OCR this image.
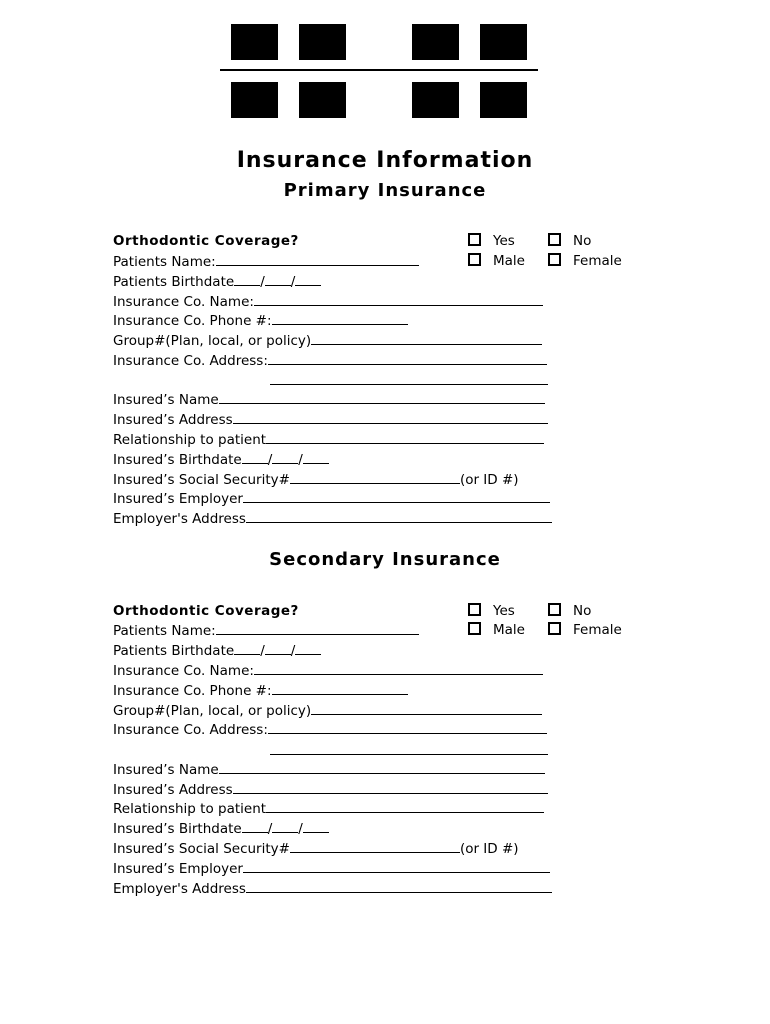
Insurance Information
Primary Insurance
Secondary Insurance
Orthodontic Coverage?	Yes	No
Male	Female
Patients Name:
Patients Birthdate / /
Insurance Co. Name:
Insurance Co. Phone #:
Group#(Plan, local, or policy)
Insurance Co. Address:
Insured’s Name
Insured’s Address
Relationship to patient
Insured’s Birthdate / /
Insured’s Social Security#	(or ID #)
Insured’s Employer
Employer's Address
Orthodontic Coverage?	Yes	No
Male	Female
Patients Name:
Patients Birthdate / /
Insurance Co. Name:
Insurance Co. Phone #:
Group#(Plan, local, or policy)
Insurance Co. Address:
Insured’s Name
Insured’s Address
Relationship to patient
Insured’s Birthdate / /
Insured’s Social Security#	(or ID #)
Insured’s Employer
Employer's Address
